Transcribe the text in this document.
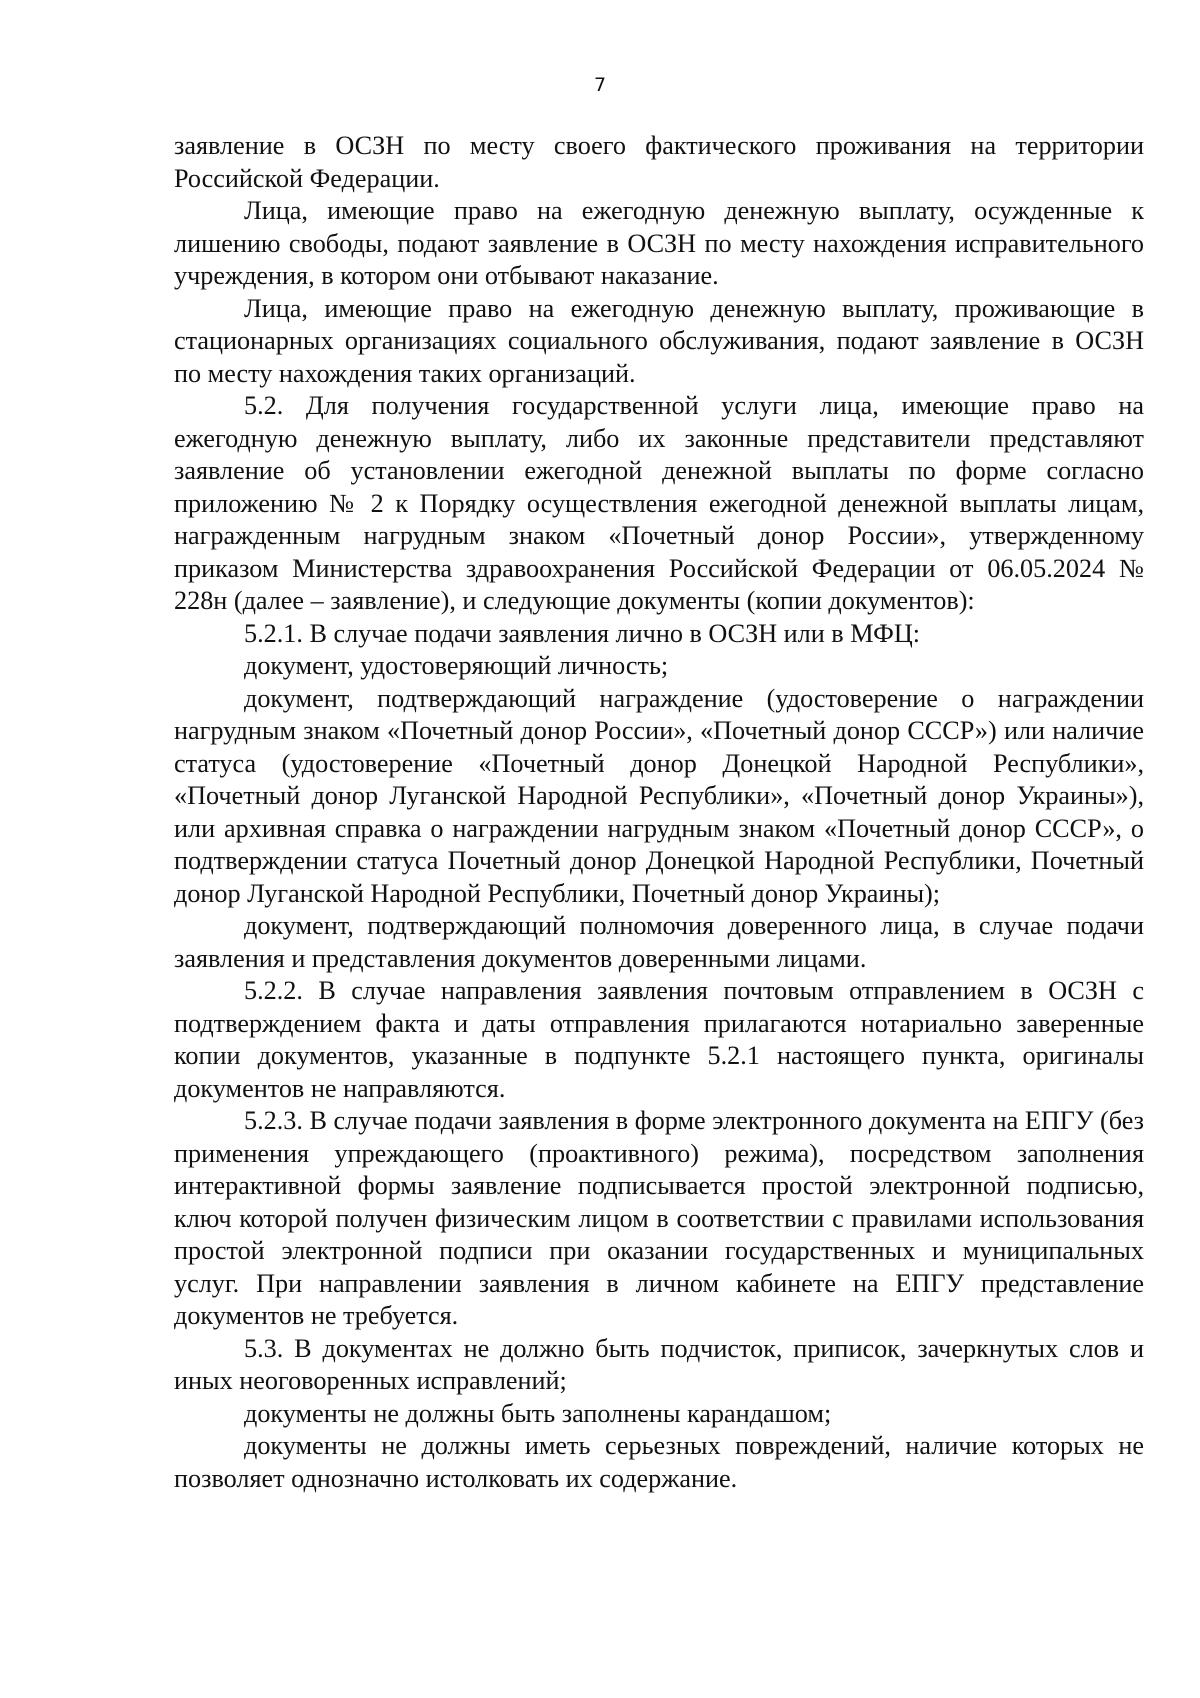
7

заявление в ОСЗН по месту своего фактического проживания на территории Российской Федерации.

Лица, имеющие право на ежегодную денежную выплату, осужденные к лишению свободы, подают заявление в ОСЗН по месту нахождения исправительного учреждения, в котором они отбывают наказание.

Лица, имеющие право на ежегодную денежную выплату, проживающие в стационарных организациях социального обслуживания, подают заявление в ОСЗН по месту нахождения таких организаций.

5.2. Для получения государственной услуги лица, имеющие право на ежегодную денежную выплату, либо их законные представители представляют заявление об установлении ежегодной денежной выплаты по форме согласно приложению № 2 к Порядку осуществления ежегодной денежной выплаты лицам, награжденным нагрудным знаком «Почетный донор России», утвержденному приказом Министерства здравоохранения Российской Федерации от 06.05.2024 № 228н (далее – заявление), и следующие документы (копии документов):

5.2.1. В случае подачи заявления лично в ОСЗН или в МФЦ:

документ, удостоверяющий личность;

документ, подтверждающий награждение (удостоверение о награждении нагрудным знаком «Почетный донор России», «Почетный донор СССР») или наличие статуса (удостоверение «Почетный донор Донецкой Народной Республики», «Почетный донор Луганской Народной Республики», «Почетный донор Украины»), или архивная справка о награждении нагрудным знаком «Почетный донор СССР», о подтверждении статуса Почетный донор Донецкой Народной Республики, Почетный донор Луганской Народной Республики, Почетный донор Украины);

документ, подтверждающий полномочия доверенного лица, в случае подачи заявления и представления документов доверенными лицами.

5.2.2. В случае направления заявления почтовым отправлением в ОСЗН с подтверждением факта и даты отправления прилагаются нотариально заверенные копии документов, указанные в подпункте 5.2.1 настоящего пункта, оригиналы документов не направляются.

5.2.3. В случае подачи заявления в форме электронного документа на ЕПГУ (без применения упреждающего (проактивного) режима), посредством заполнения интерактивной формы заявление подписывается простой электронной подписью, ключ которой получен физическим лицом в соответствии с правилами использования простой электронной подписи при оказании государственных и муниципальных услуг. При направлении заявления в личном кабинете на ЕПГУ представление документов не требуется.

5.3. В документах не должно быть подчисток, приписок, зачеркнутых слов и иных неоговоренных исправлений;

документы не должны быть заполнены карандашом;

документы не должны иметь серьезных повреждений, наличие которых не позволяет однозначно истолковать их содержание.
